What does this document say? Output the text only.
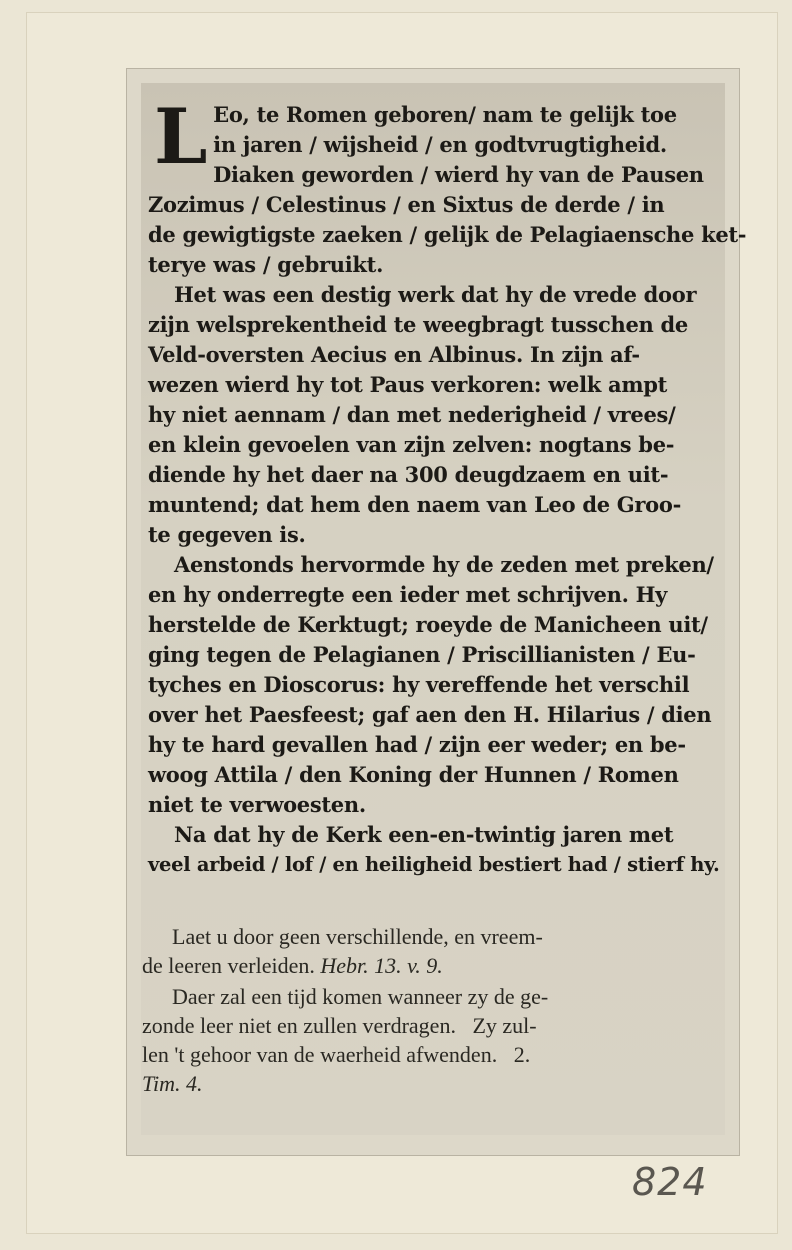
L Eo, te Romen geboren/ nam te gelijk toe
in jaren / wijsheid / en godtvrugtigheid.
Diaken geworden / wierd hy van de Pausen
Zozimus / Celestinus / en Sixtus de derde / in
de gewigtigste zaeken / gelijk de Pelagiaensche ket-
terye was / gebruikt.

Het was een destig werk dat hy de vrede door
zijn welsprekentheid te weegbragt tusschen de
Veld-oversten Aecius en Albinus. In zijn af-
wezen wierd hy tot Paus verkoren: welk ampt
hy niet aennam / dan met nederigheid / vrees/
en klein gevoelen van zijn zelven: nogtans be-
diende hy het daer na 300 deugdzaem en uit-
muntend; dat hem den naem van Leo de Groo-
te gegeven is.

Aenstonds hervormde hy de zeden met preken/
en hy onderregte een ieder met schrijven. Hy
herstelde de Kerktugt; roeyde de Manicheen uit/
ging tegen de Pelagianen / Priscillianisten / Eu-
tyches en Dioscorus: hy vereffende het verschil
over het Paesfeest; gaf aen den H. Hilarius / dien
hy te hard gevallen had / zijn eer weder; en be-
woog Attila / den Koning der Hunnen / Romen
niet te verwoesten.

Na dat hy de Kerk een-en-twintig jaren met
veel arbeid / lof / en heiligheid bestiert had / stierf hy.

Laet u door geen verschillende, en vreem-
de leeren verleiden. Hebr. 13. v. 9.

Daer zal een tijd komen wanneer zy de ge-
zonde leer niet en zullen verdragen.   Zy zul-
len 't gehoor van de waerheid afwenden.   2.
Tim. 4.

824
